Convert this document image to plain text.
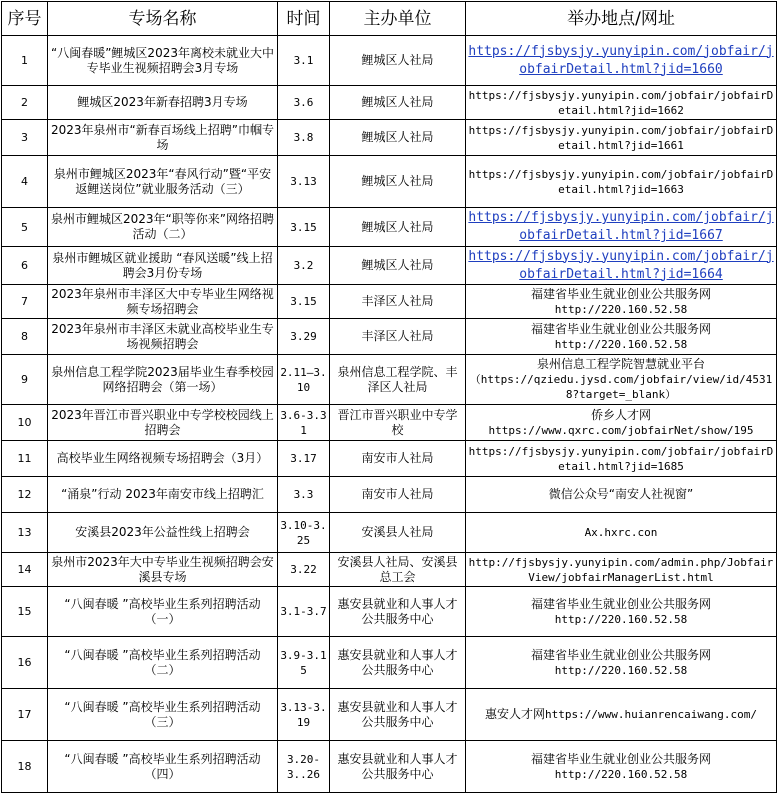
序号	专场名称	时间	主办单位	举办地点/网址
1	“八闽春暖”鲤城区2023年离校未就业大中专毕业生视频招聘会3月专场	3.1	鲤城区人社局	https://fjsbysjy.yunyipin.com/jobfair/jobfairDetail.html?jid=1660
2	鲤城区2023年新春招聘3月专场	3.6	鲤城区人社局	https://fjsbysjy.yunyipin.com/jobfair/jobfairDetail.html?jid=1662
3	2023年泉州市“新春百场线上招聘”巾帼专场	3.8	鲤城区人社局	https://fjsbysjy.yunyipin.com/jobfair/jobfairDetail.html?jid=1661
4	泉州市鲤城区2023年“春风行动”暨“平安返鲤送岗位”就业服务活动（三）	3.13	鲤城区人社局	https://fjsbysjy.yunyipin.com/jobfair/jobfairDetail.html?jid=1663
5	泉州市鲤城区2023年“职等你来”网络招聘活动（二）	3.15	鲤城区人社局	https://fjsbysjy.yunyipin.com/jobfair/jobfairDetail.html?jid=1667
6	泉州市鲤城区就业援助 “春风送暖”线上招聘会3月份专场	3.2	鲤城区人社局	https://fjsbysjy.yunyipin.com/jobfair/jobfairDetail.html?jid=1664
7	2023年泉州市丰泽区大中专毕业生网络视频专场招聘会	3.15	丰泽区人社局	福建省毕业生就业创业公共服务网
http://220.160.52.58
8	2023年泉州市丰泽区未就业高校毕业生专场视频招聘会	3.29	丰泽区人社局	福建省毕业生就业创业公共服务网
http://220.160.52.58
9	泉州信息工程学院2023届毕业生春季校园网络招聘会（第一场）	2.11—3.10	泉州信息工程学院、丰泽区人社局	泉州信息工程学院智慧就业平台
（https://qziedu.jysd.com/jobfair/view/id/45318?target=_blank）
10	2023年晋江市晋兴职业中专学校校园线上招聘会	3.6-3.31	晋江市晋兴职业中专学校	侨乡人才网
https://www.qxrc.com/jobfairNet/show/195
11	高校毕业生网络视频专场招聘会（3月）	3.17	南安市人社局	https://fjsbysjy.yunyipin.com/jobfair/jobfairDetail.html?jid=1685
12	“涌泉”行动 2023年南安市线上招聘汇	3.3	南安市人社局	微信公众号“南安人社视窗”
13	安溪县2023年公益性线上招聘会	3.10-3.25	安溪县人社局	Ax.hxrc.con
14	泉州市2023年大中专毕业生视频招聘会安溪县专场	3.22	安溪县人社局、安溪县总工会	http://fjsbysjy.yunyipin.com/admin.php/JobfairView/jobfairManagerList.html
15	“八闽春暖 ”高校毕业生系列招聘活动（一）	3.1-3.7	惠安县就业和人事人才公共服务中心	福建省毕业生就业创业公共服务网
http://220.160.52.58
16	“八闽春暖 ”高校毕业生系列招聘活动（二）	3.9-3.15	惠安县就业和人事人才公共服务中心	福建省毕业生就业创业公共服务网
http://220.160.52.58
17	“八闽春暖 ”高校毕业生系列招聘活动（三）	3.13-3.19	惠安县就业和人事人才公共服务中心	惠安人才网https://www.huianrencaiwang.com/
18	“八闽春暖 ”高校毕业生系列招聘活动（四）	3.20-3..26	惠安县就业和人事人才公共服务中心	福建省毕业生就业创业公共服务网
http://220.160.52.58
